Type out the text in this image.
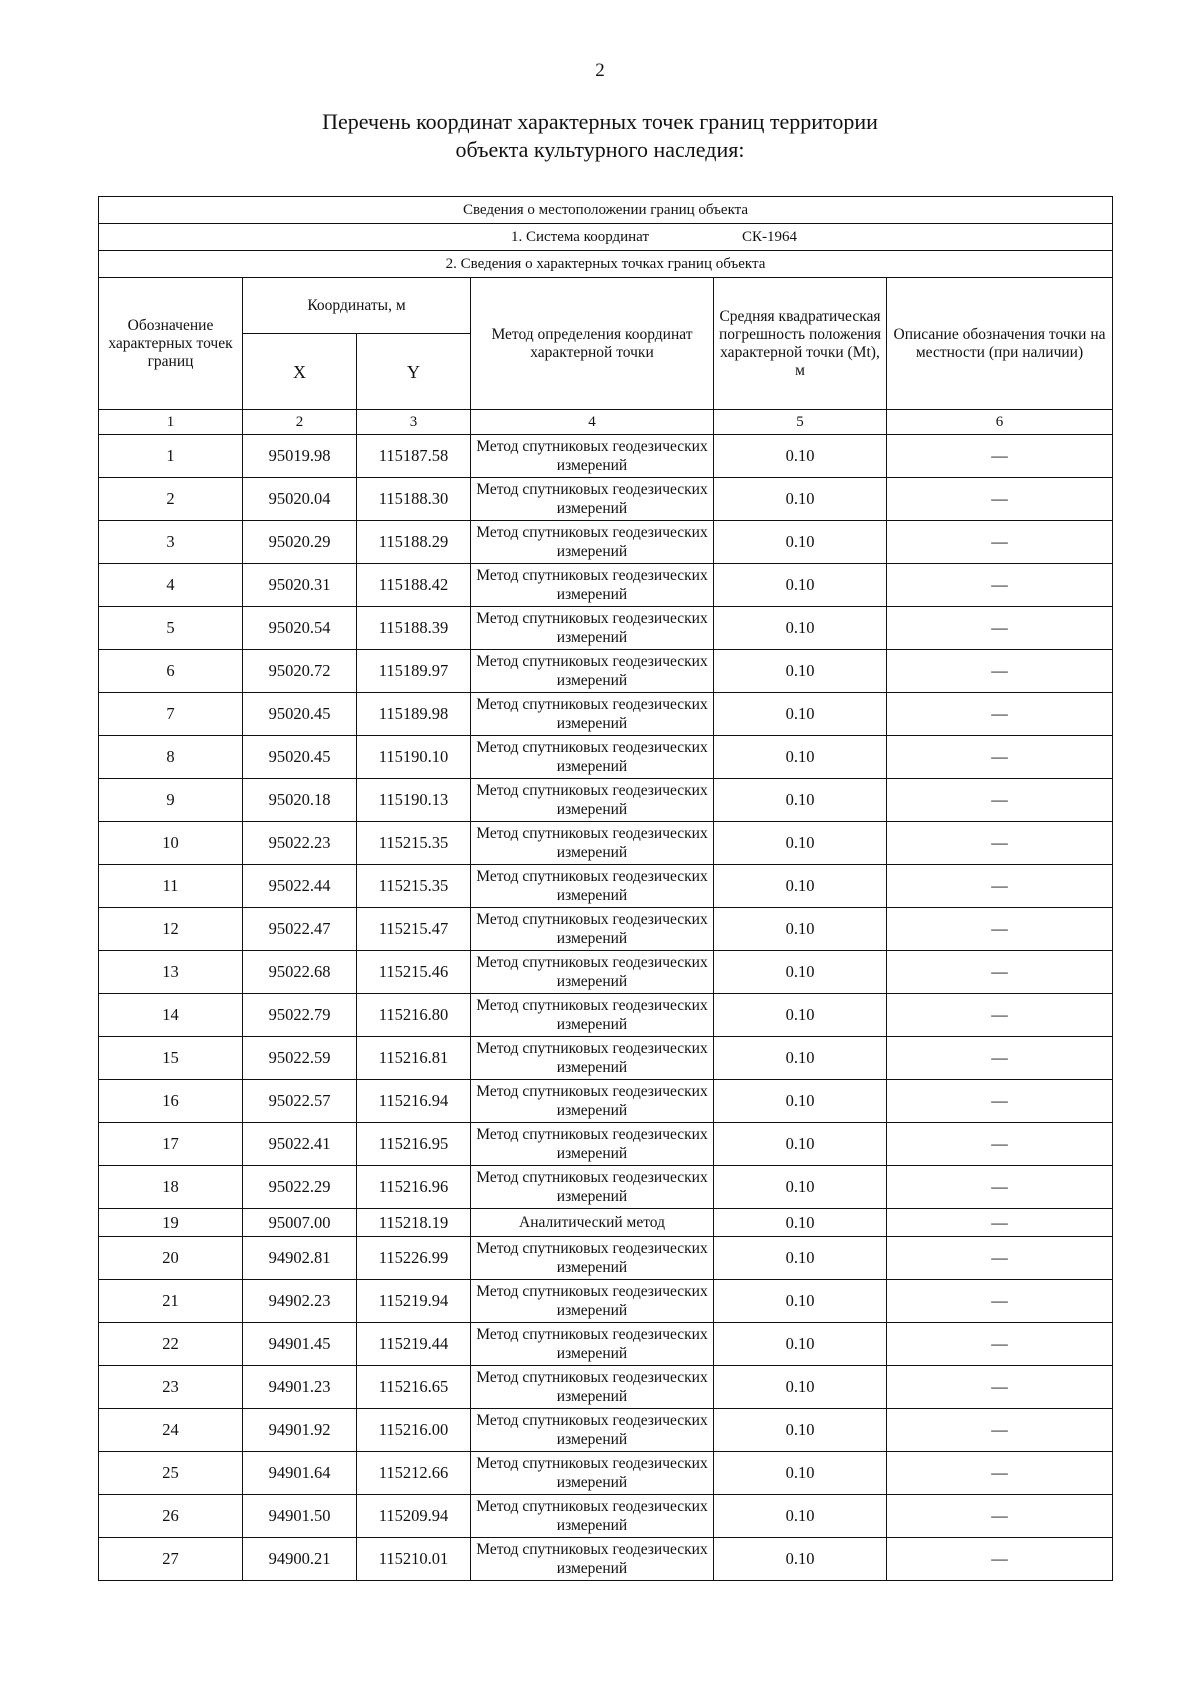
2
Перечень координат характерных точек границ территории
объекта культурного наследия:
Сведения о местоположении границ объекта					
1. Система координат СК-1964					
2. Сведения о характерных точках границ объекта					
Обозначение характерных точек границ	Координаты, м		Метод определения координат характерной точки	Средняя квадратическая погрешность положения характерной точки (Mt), м	Описание обозначения точки на местности (при наличии)
	X	Y			
1	2	3	4	5	6
1	95019.98	115187.58	Метод спутниковых геодезических измерений	0.10	—
2	95020.04	115188.30	Метод спутниковых геодезических измерений	0.10	—
3	95020.29	115188.29	Метод спутниковых геодезических измерений	0.10	—
4	95020.31	115188.42	Метод спутниковых геодезических измерений	0.10	—
5	95020.54	115188.39	Метод спутниковых геодезических измерений	0.10	—
6	95020.72	115189.97	Метод спутниковых геодезических измерений	0.10	—
7	95020.45	115189.98	Метод спутниковых геодезических измерений	0.10	—
8	95020.45	115190.10	Метод спутниковых геодезических измерений	0.10	—
9	95020.18	115190.13	Метод спутниковых геодезических измерений	0.10	—
10	95022.23	115215.35	Метод спутниковых геодезических измерений	0.10	—
11	95022.44	115215.35	Метод спутниковых геодезических измерений	0.10	—
12	95022.47	115215.47	Метод спутниковых геодезических измерений	0.10	—
13	95022.68	115215.46	Метод спутниковых геодезических измерений	0.10	—
14	95022.79	115216.80	Метод спутниковых геодезических измерений	0.10	—
15	95022.59	115216.81	Метод спутниковых геодезических измерений	0.10	—
16	95022.57	115216.94	Метод спутниковых геодезических измерений	0.10	—
17	95022.41	115216.95	Метод спутниковых геодезических измерений	0.10	—
18	95022.29	115216.96	Метод спутниковых геодезических измерений	0.10	—
19	95007.00	115218.19	Аналитический метод	0.10	—
20	94902.81	115226.99	Метод спутниковых геодезических измерений	0.10	—
21	94902.23	115219.94	Метод спутниковых геодезических измерений	0.10	—
22	94901.45	115219.44	Метод спутниковых геодезических измерений	0.10	—
23	94901.23	115216.65	Метод спутниковых геодезических измерений	0.10	—
24	94901.92	115216.00	Метод спутниковых геодезических измерений	0.10	—
25	94901.64	115212.66	Метод спутниковых геодезических измерений	0.10	—
26	94901.50	115209.94	Метод спутниковых геодезических измерений	0.10	—
27	94900.21	115210.01	Метод спутниковых геодезических измерений	0.10	—
